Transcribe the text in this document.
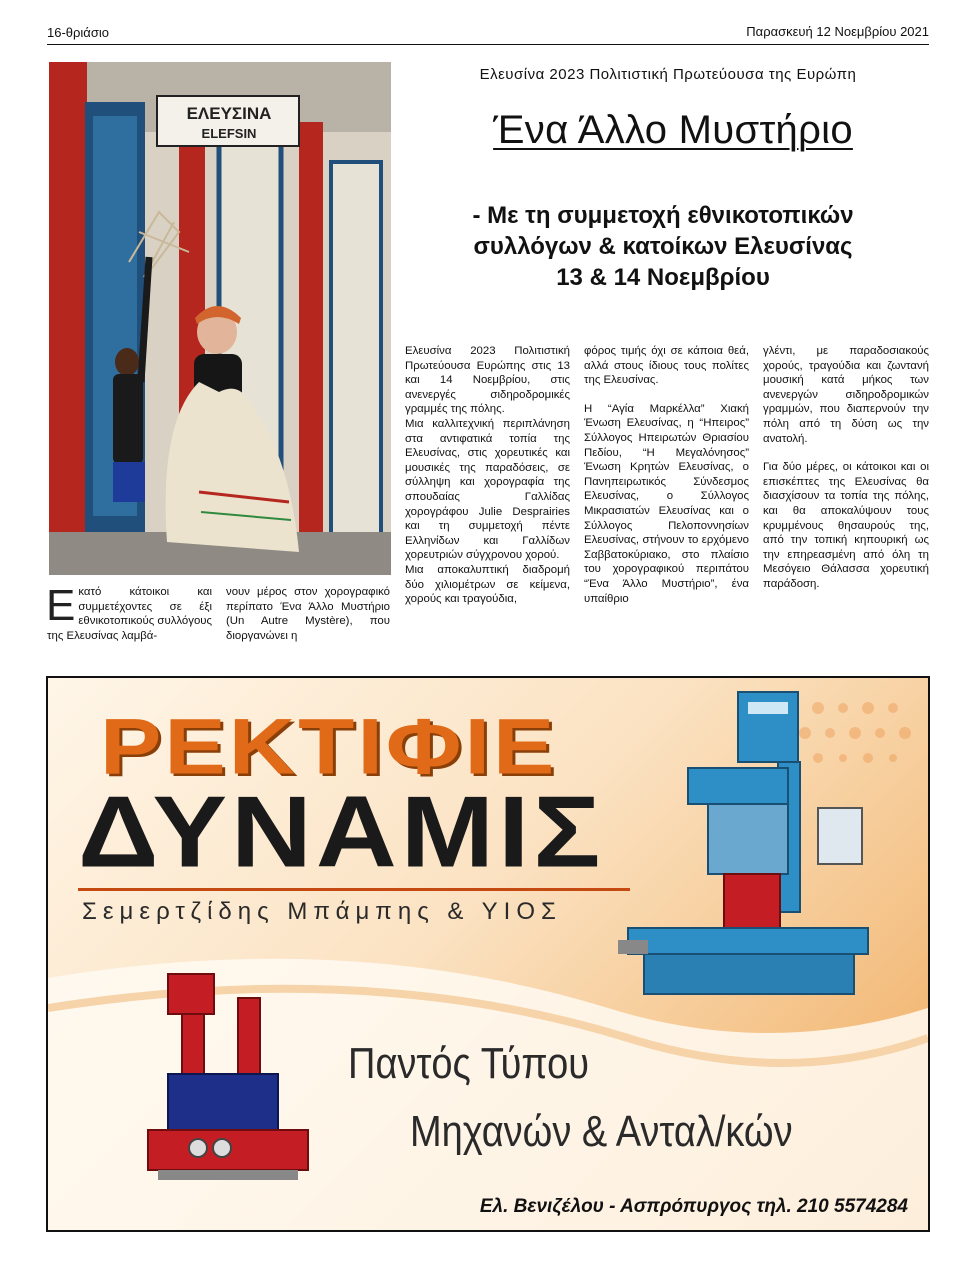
16-θριάσιο	Παρασκευή 12 Νοεμβρίου 2021
ΕΛΕΥΣΙΝΑ
ELEFSIN
Ελευσίνα 2023 Πολιτιστική Πρωτεύουσα της Ευρώπη
Ένα Άλλο Μυστήριο
- Με τη συμμετοχή εθνικοτοπικών
συλλόγων & κατοίκων Ελευσίνας
13 & 14 Νοεμβρίου
Ε κατό κάτοικοι και συμμετέχοντες σε έξι εθνικοτοπικούς συλλόγους της Ελευσίνας λαμβά-

νουν μέρος στον χορογραφικό περίπατο Ένα Άλλο Μυστήριο (Un Autre Mystère), που διοργανώνει η

Ελευσίνα 2023 Πολιτιστική Πρωτεύουσα Ευρώπης στις 13 και 14 Νοεμβρίου, στις ανενεργές σιδηροδρομικές γραμμές της πόλης.

Μια καλλιτεχνική περιπλάνηση στα αντιφατικά τοπία της Ελευσίνας, στις χορευτικές και μουσικές της παραδόσεις, σε σύλληψη και χορογραφία της σπουδαίας Γαλλίδας χορογράφου Julie Desprairies και τη συμμετοχή πέντε Ελληνίδων και Γαλλίδων χορευτριών σύγχρονου χορού.

Μια αποκαλυπτική διαδρομή δύο χιλιομέτρων σε κείμενα, χορούς και τραγούδια,

φόρος τιμής όχι σε κάποια θεά, αλλά στους ίδιους τους πολίτες της Ελευσίνας.

Η “Αγία Μαρκέλλα” Χιακή Ένωση Ελευσίνας, η “Ηπειρος” Σύλλογος Ηπειρωτών Θριασίου Πεδίου, “Η Μεγαλόνησος” Ένωση Κρητών Ελευσίνας, ο Πανηπειρωτικός Σύνδεσμος Ελευσίνας, ο Σύλλογος Μικρασιατών Ελευσίνας και ο Σύλλογος Πελοποννησίων Ελευσίνας, στήνουν το ερχόμενο Σαββατοκύριακο, στο πλαίσιο του χορογραφικού περιπάτου “Ένα Άλλο Μυστήριο”, ένα υπαίθριο

γλέντι, με παραδοσιακούς χορούς, τραγούδια και ζωντανή μουσική κατά μήκος των ανενεργών σιδηροδρομικών γραμμών, που διαπερνούν την πόλη από τη δύση ως την ανατολή.

Για δύο μέρες, οι κάτοικοι και οι επισκέπτες της Ελευσίνας θα διασχίσουν τα τοπία της πόλης, και θα αποκαλύψουν τους κρυμμένους θησαυρούς της, από την τοπική κηπουρική ως την επηρεασμένη από όλη τη Μεσόγειο Θάλασσα χορευτική παράδοση.

ΡΕΚΤΙΦΙΕ
ΔΥΝΑΜΙΣ
Σεμερτζίδης Μπάμπης & ΥΙΟΣ
Παντός Τύπου
Μηχανών & Ανταλ/κών
Ελ. Βενιζέλου - Ασπρόπυργος τηλ. 210 5574284
